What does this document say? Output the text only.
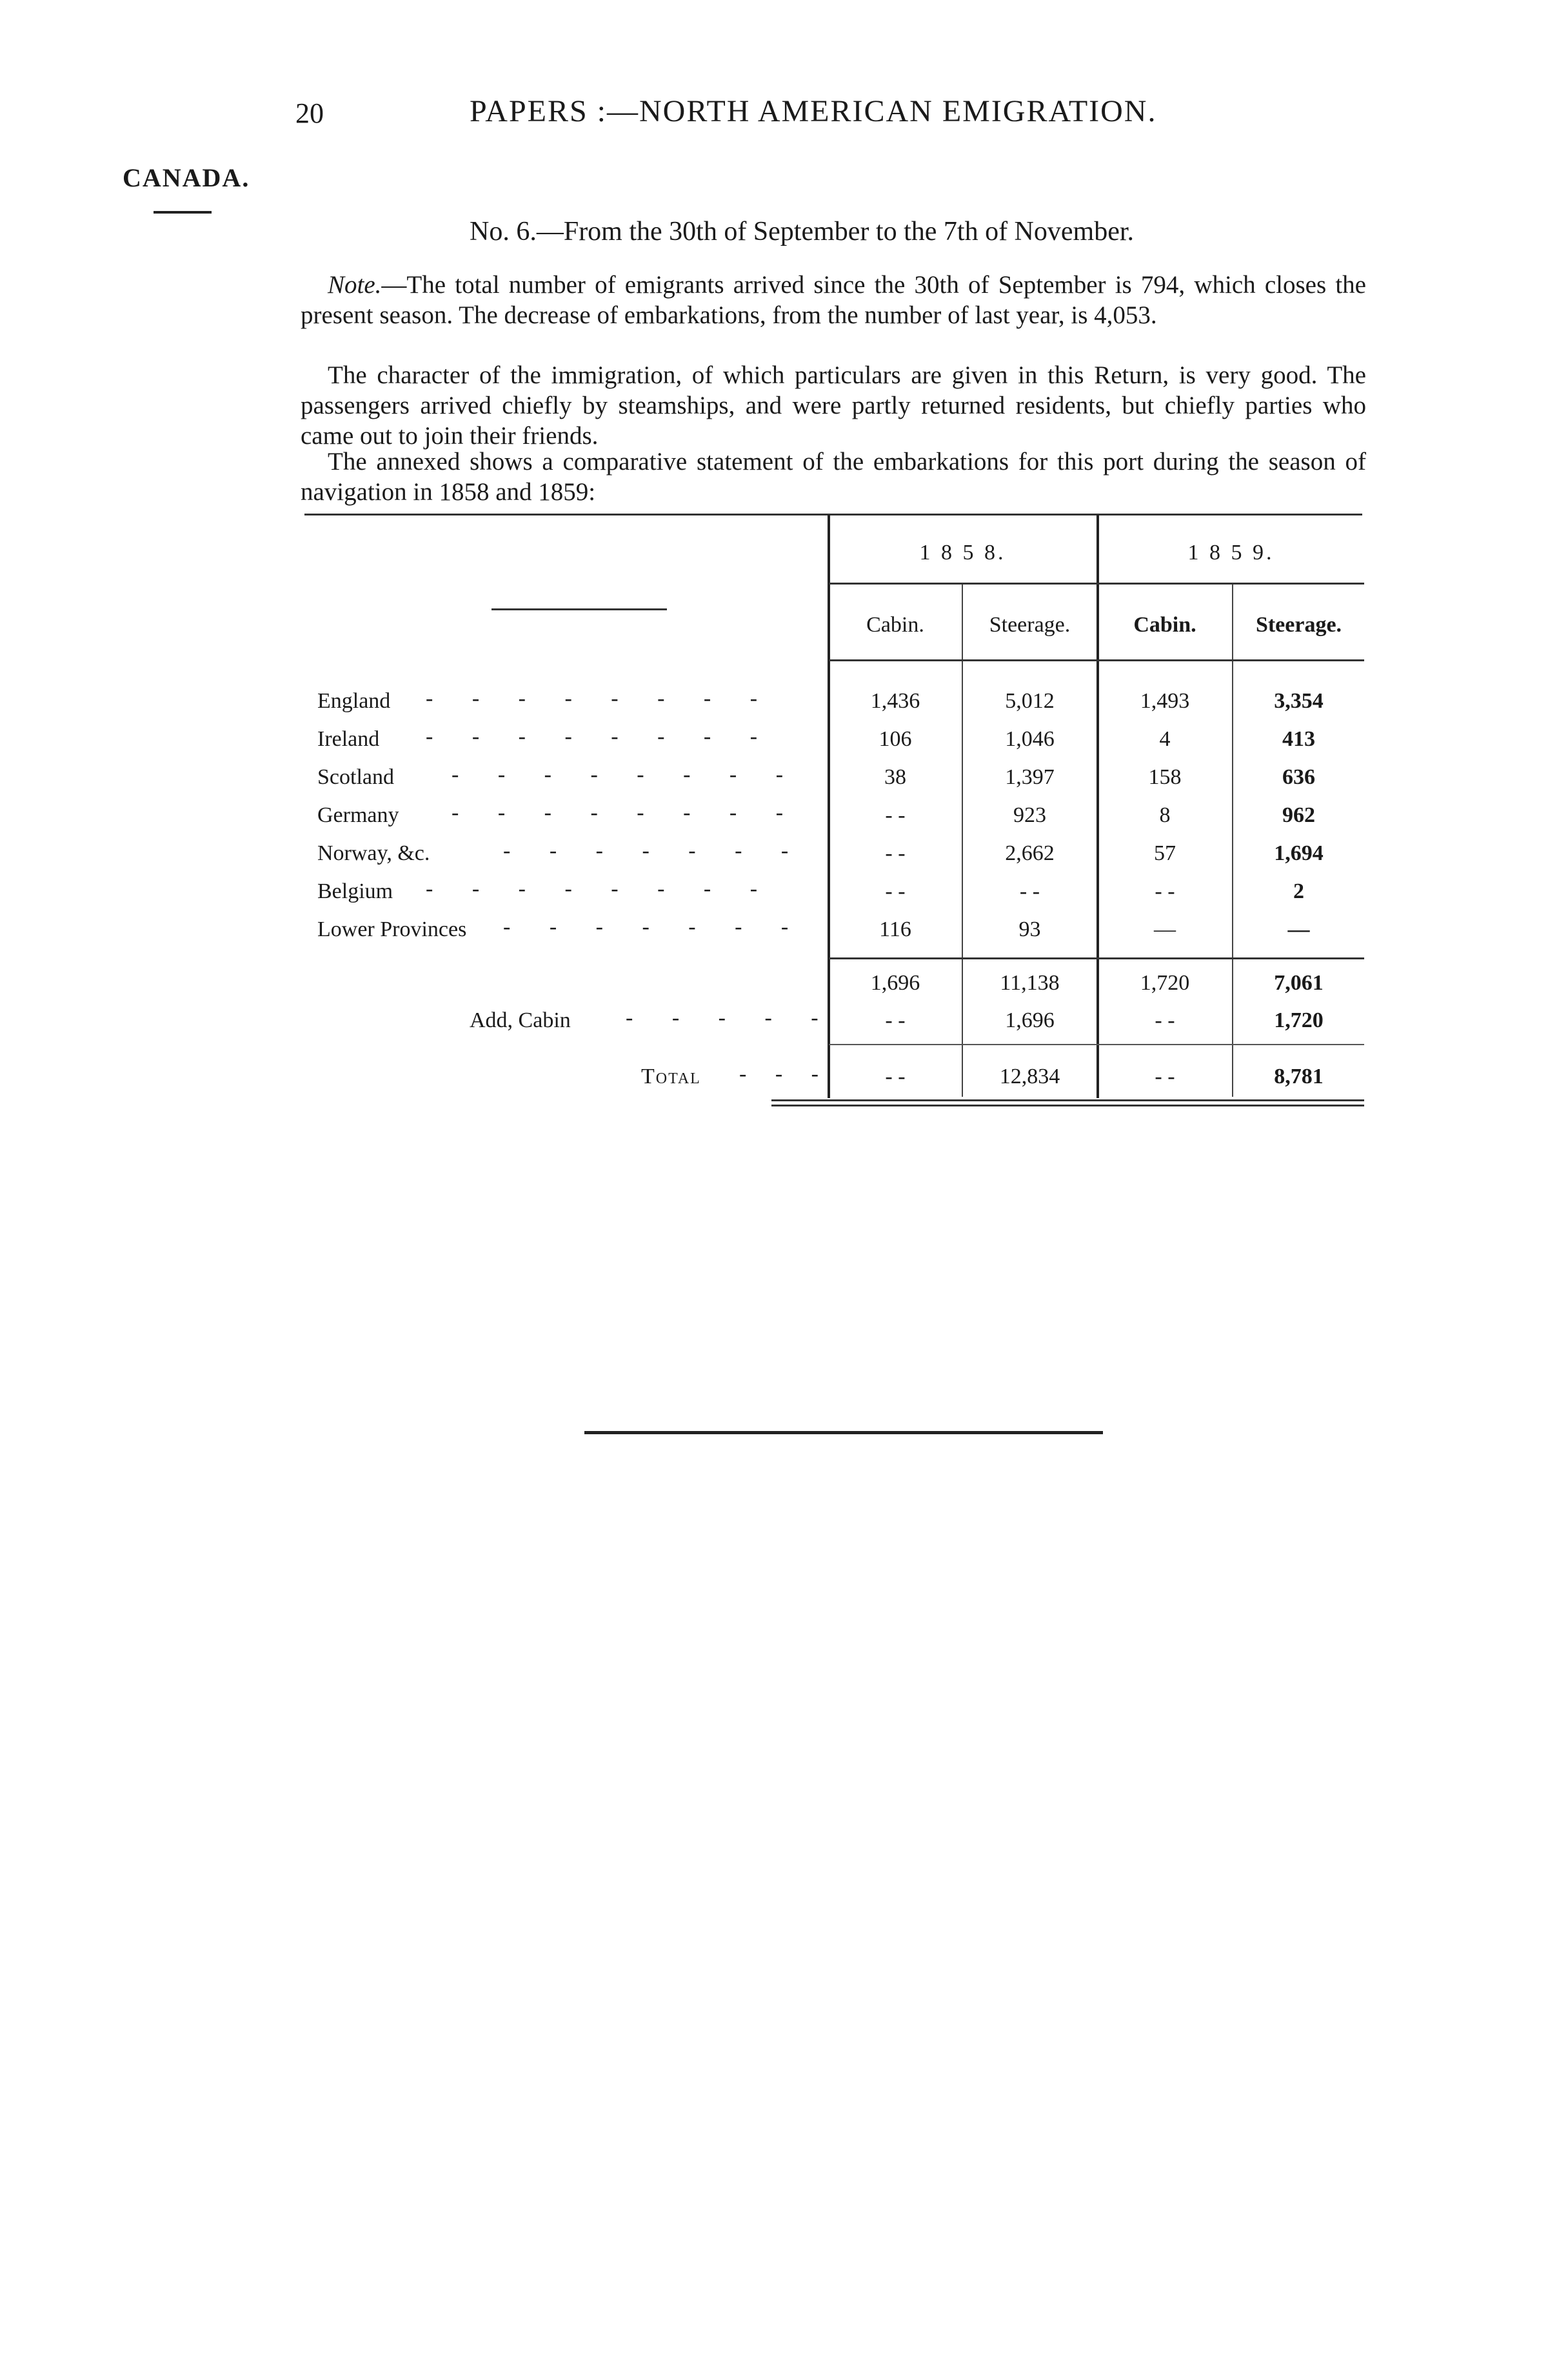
20	PAPERS :—NORTH AMERICAN EMIGRATION.
CANADA.
No. 6.—From the 30th of September to the 7th of November.
Note.—The total number of emigrants arrived since the 30th of September is 794, which closes the present season. The decrease of embarkations, from the number of last year, is 4,053.
The character of the immigration, of which particulars are given in this Return, is very good. The passengers arrived chiefly by steamships, and were partly returned residents, but chiefly parties who came out to join their friends.
The annexed shows a comparative statement of the embarkations for this port during the season of navigation in 1858 and 1859:
1 8 5 8.	1 8 5 9.
Cabin.	Steerage.	Cabin.	Steerage.
England - - - - - - - -	1,436	5,012	1,493	3,354
Ireland - - - - - - - -	106	1,046	4	413
Scotland	- - - - - - - -	38	1,397	158	636
Germany - - - - - - - -	- -	923	8	962
Norway, &c.	- - - - - - -	- -	2,662	57	1,694
Belgium - - - - - - - -	- -	- -	- -	2
Lower Provinces - - - - - - -	116	93	—	—
1,696	11,138	1,720	7,061
Add, Cabin	- - - - -	- -	1,696	- -	1,720
Total - - -	- -	12,834	- -	8,781
